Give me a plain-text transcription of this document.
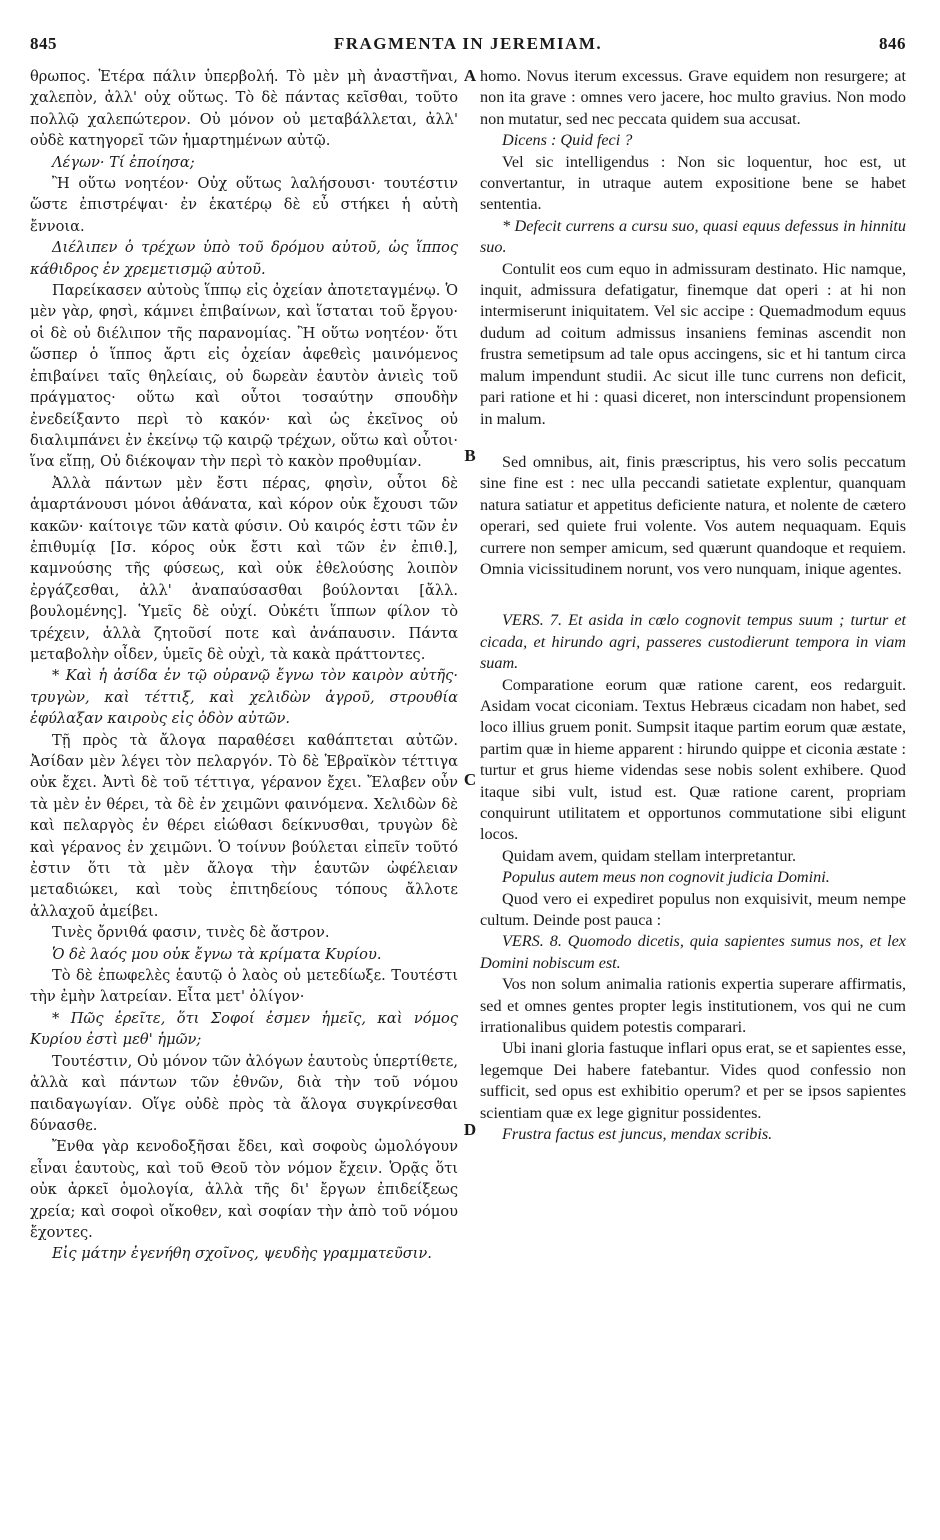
845	FRAGMENTA IN JEREMIAM.	846
A
B
C
D

θρωπος. Ἑτέρα πάλιν ὑπερβολή. Τὸ μὲν μὴ ἀναστῆναι, χαλεπὸν, ἀλλ' οὐχ οὕτως. Τὸ δὲ πάντας κεῖσθαι, τοῦτο πολλῷ χαλεπώτερον. Οὐ μόνον οὐ μεταβάλλεται, ἀλλ' οὐδὲ κατηγορεῖ τῶν ἡμαρτημένων αὐτῷ.

Λέγων· Τί ἐποίησα;

Ἢ οὕτω νοητέον· Οὐχ οὕτως λαλήσουσι· τουτέστιν ὥστε ἐπιστρέψαι· ἐν ἑκατέρῳ δὲ εὖ στήκει ἡ αὐτὴ ἔννοια.

Διέλιπεν ὁ τρέχων ὑπὸ τοῦ δρόμου αὐτοῦ, ὡς ἵππος κάθιδρος ἐν χρεμετισμῷ αὐτοῦ.

Παρείκασεν αὐτοὺς ἵππῳ εἰς ὀχείαν ἀποτεταγμένῳ. Ὁ μὲν γὰρ, φησὶ, κάμνει ἐπιβαίνων, καὶ ἵσταται τοῦ ἔργου· οἱ δὲ οὐ διέλιπον τῆς παρανομίας. Ἢ οὕτω νοητέον· ὅτι ὥσπερ ὁ ἵππος ἄρτι εἰς ὀχείαν ἀφεθεὶς μαινόμενος ἐπιβαίνει ταῖς θηλείαις, οὐ δωρεὰν ἑαυτὸν ἀνιεὶς τοῦ πράγματος· οὕτω καὶ οὗτοι τοσαύτην σπουδὴν ἐνεδείξαντο περὶ τὸ κακόν· καὶ ὡς ἐκεῖνος οὐ διαλιμπάνει ἐν ἐκείνῳ τῷ καιρῷ τρέχων, οὕτω καὶ οὗτοι· ἵνα εἴπῃ, Οὐ διέκοψαν τὴν περὶ τὸ κακὸν προθυμίαν.

Ἀλλὰ πάντων μὲν ἔστι πέρας, φησὶν, οὗτοι δὲ ἁμαρτάνουσι μόνοι ἀθάνατα, καὶ κόρον οὐκ ἔχουσι τῶν κακῶν· καίτοιγε τῶν κατὰ φύσιν. Οὐ καιρός ἐστι τῶν ἐν ἐπιθυμίᾳ [Ισ. κόρος οὐκ ἔστι καὶ τῶν ἐν ἐπιθ.], καμνούσης τῆς φύσεως, καὶ οὐκ ἐθελούσης λοιπὸν ἐργάζεσθαι, ἀλλ' ἀναπαύσασθαι βούλονται [ἄλλ. βουλομένης]. Ὑμεῖς δὲ οὐχί. Οὐκέτι ἵππων φίλον τὸ τρέχειν, ἀλλὰ ζητοῦσί ποτε καὶ ἀνάπαυσιν. Πάντα μεταβολὴν οἶδεν, ὑμεῖς δὲ οὐχὶ, τὰ κακὰ πράττοντες.

* Καὶ ἡ ἀσίδα ἐν τῷ οὐρανῷ ἔγνω τὸν καιρὸν αὐτῆς· τρυγὼν, καὶ τέττιξ, καὶ χελιδὼν ἀγροῦ, στρουθία ἐφύλαξαν καιροὺς εἰς ὁδὸν αὐτῶν.

Τῇ πρὸς τὰ ἄλογα παραθέσει καθάπτεται αὐτῶν. Ἀσίδαν μὲν λέγει τὸν πελαργόν. Τὸ δὲ Ἑβραϊκὸν τέττιγα οὐκ ἔχει. Ἀντὶ δὲ τοῦ τέττιγα, γέρανον ἔχει. Ἔλαβεν οὖν τὰ μὲν ἐν θέρει, τὰ δὲ ἐν χειμῶνι φαινόμενα. Χελιδὼν δὲ καὶ πελαργὸς ἐν θέρει εἰώθασι δείκνυσθαι, τρυγὼν δὲ καὶ γέρανος ἐν χειμῶνι. Ὁ τοίνυν βούλεται εἰπεῖν τοῦτό ἐστιν ὅτι τὰ μὲν ἄλογα τὴν ἑαυτῶν ὠφέλειαν μεταδιώκει, καὶ τοὺς ἐπιτηδείους τόπους ἄλλοτε ἀλλαχοῦ ἀμείβει.

Τινὲς ὄρνιθά φασιν, τινὲς δὲ ἄστρον.

Ὁ δὲ λαός μου οὐκ ἔγνω τὰ κρίματα Κυρίου.

Τὸ δὲ ἐπωφελὲς ἑαυτῷ ὁ λαὸς οὐ μετεδίωξε. Τουτέστι τὴν ἐμὴν λατρείαν. Εἶτα μετ' ὀλίγον·

* Πῶς ἐρεῖτε, ὅτι Σοφοί ἐσμεν ἡμεῖς, καὶ νόμος Κυρίου ἐστὶ μεθ' ἡμῶν;

Τουτέστιν, Οὐ μόνον τῶν ἀλόγων ἑαυτοὺς ὑπερτίθετε, ἀλλὰ καὶ πάντων τῶν ἐθνῶν, διὰ τὴν τοῦ νόμου παιδαγωγίαν. Οἵγε οὐδὲ πρὸς τὰ ἄλογα συγκρίνεσθαι δύνασθε.

Ἔνθα γὰρ κενοδοξῆσαι ἔδει, καὶ σοφοὺς ὡμολόγουν εἶναι ἑαυτοὺς, καὶ τοῦ Θεοῦ τὸν νόμον ἔχειν. Ὁρᾷς ὅτι οὐκ ἀρκεῖ ὁμολογία, ἀλλὰ τῆς δι' ἔργων ἐπιδείξεως χρεία; καὶ σοφοὶ οἴκοθεν, καὶ σοφίαν τὴν ἀπὸ τοῦ νόμου ἔχοντες.

Εἰς μάτην ἐγενήθη σχοῖνος, ψευδὴς γραμματεῦσιν.

homo. Novus iterum excessus. Grave equidem non resurgere; at non ita grave : omnes vero jacere, hoc multo gravius. Non modo non mutatur, sed nec peccata quidem sua accusat.

Dicens : Quid feci ?

Vel sic intelligendus : Non sic loquentur, hoc est, ut convertantur, in utraque autem expositione bene se habet sententia.

* Defecit currens a cursu suo, quasi equus defessus in hinnitu suo.

Contulit eos cum equo in admissuram destinato. Hic namque, inquit, admissura defatigatur, finemque dat operi : at hi non intermiserunt iniquitatem. Vel sic accipe : Quemadmodum equus dudum ad coitum admissus insaniens feminas ascendit non frustra semetipsum ad tale opus accingens, sic et hi tantum circa malum impendunt studii. Ac sicut ille tunc currens non deficit, pari ratione et hi : quasi diceret, non interscindunt propensionem in malum.

Sed omnibus, ait, finis præscriptus, his vero solis peccatum sine fine est : nec ulla peccandi satietate explentur, quanquam natura satiatur et appetitus deficiente natura, et nolente de cætero operari, sed quiete frui volente. Vos autem nequaquam. Equis currere non semper amicum, sed quærunt quandoque et requiem. Omnia vicissitudinem norunt, vos vero nunquam, inique agentes.

VERS. 7. Et asida in cœlo cognovit tempus suum ; turtur et cicada, et hirundo agri, passeres custodierunt tempora in viam suam.

Comparatione eorum quæ ratione carent, eos redarguit. Asidam vocat ciconiam. Textus Hebræus cicadam non habet, sed loco illius gruem ponit. Sumpsit itaque partim eorum quæ æstate, partim quæ in hieme apparent : hirundo quippe et ciconia æstate : turtur et grus hieme videndas sese nobis solent exhibere. Quod itaque sibi vult, istud est. Quæ ratione carent, propriam conquirunt utilitatem et opportunos commutatione sibi eligunt locos.

Quidam avem, quidam stellam interpretantur.

Populus autem meus non cognovit judicia Domini.

Quod vero ei expediret populus non exquisivit, meum nempe cultum. Deinde post pauca :

VERS. 8. Quomodo dicetis, quia sapientes sumus nos, et lex Domini nobiscum est.

Vos non solum animalia rationis expertia superare affirmatis, sed et omnes gentes propter legis institutionem, vos qui ne cum irrationalibus quidem potestis comparari.

Ubi inani gloria fastuque inflari opus erat, se et sapientes esse, legemque Dei habere fatebantur. Vides quod confessio non sufficit, sed opus est exhibitio operum? et per se ipsos sapientes scientiam quæ ex lege gignitur possidentes.

Frustra factus est juncus, mendax scribis.
